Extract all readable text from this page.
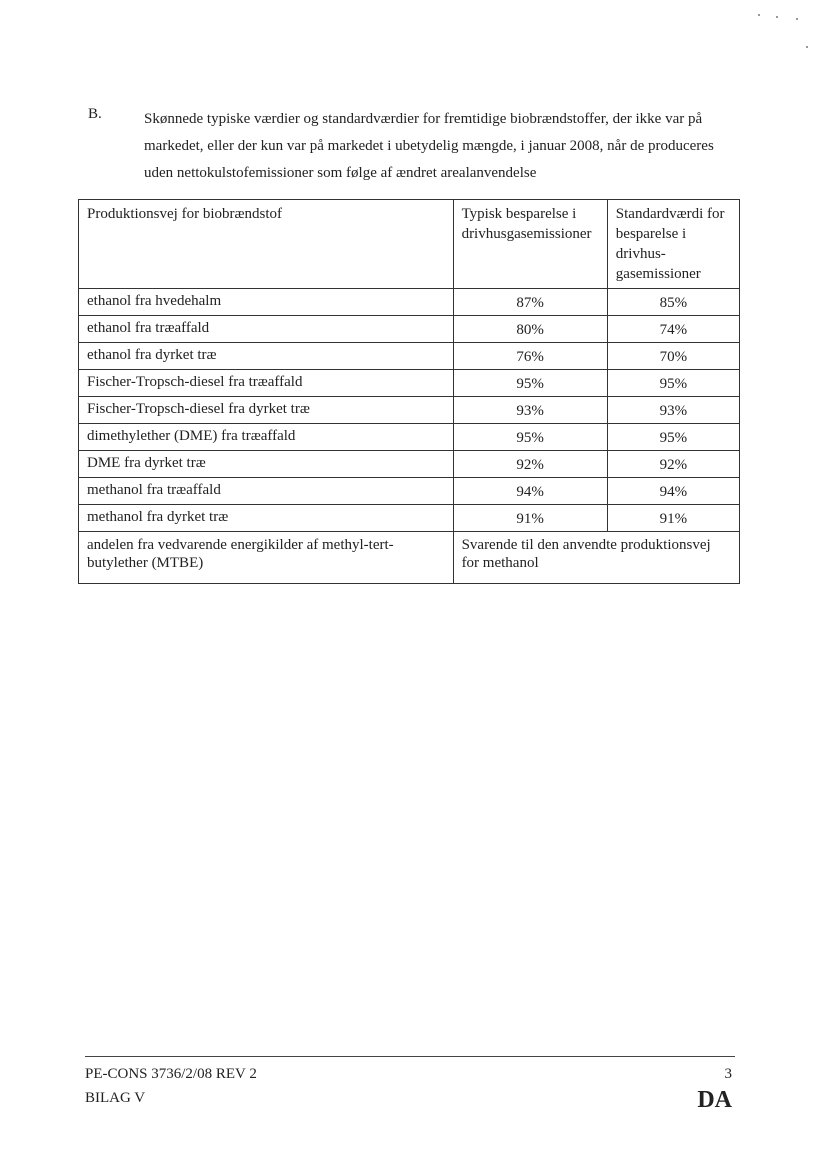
B.	Skønnede typiske værdier og standardværdier for fremtidige biobrændstoffer, der ikke var på markedet, eller der kun var på markedet i ubetydelig mængde, i januar 2008, når de produceres uden nettokulstofemissioner som følge af ændret arealanvendelse
Produktionsvej for biobrændstof	Typisk besparelse i drivhusgasemissioner	Standardværdi for besparelse i drivhus-gasemissioner
ethanol fra hvedehalm	87%	85%
ethanol fra træaffald	80%	74%
ethanol fra dyrket træ	76%	70%
Fischer-Tropsch-diesel fra træaffald	95%	95%
Fischer-Tropsch-diesel fra dyrket træ	93%	93%
dimethylether (DME) fra træaffald	95%	95%
DME fra dyrket træ	92%	92%
methanol fra træaffald	94%	94%
methanol fra dyrket træ	91%	91%
andelen fra vedvarende energikilder af methyl-tert-butylether (MTBE)	Svarende til den anvendte produktionsvej for methanol	
PE-CONS 3736/2/08 REV 2
BILAG V
3
DA
